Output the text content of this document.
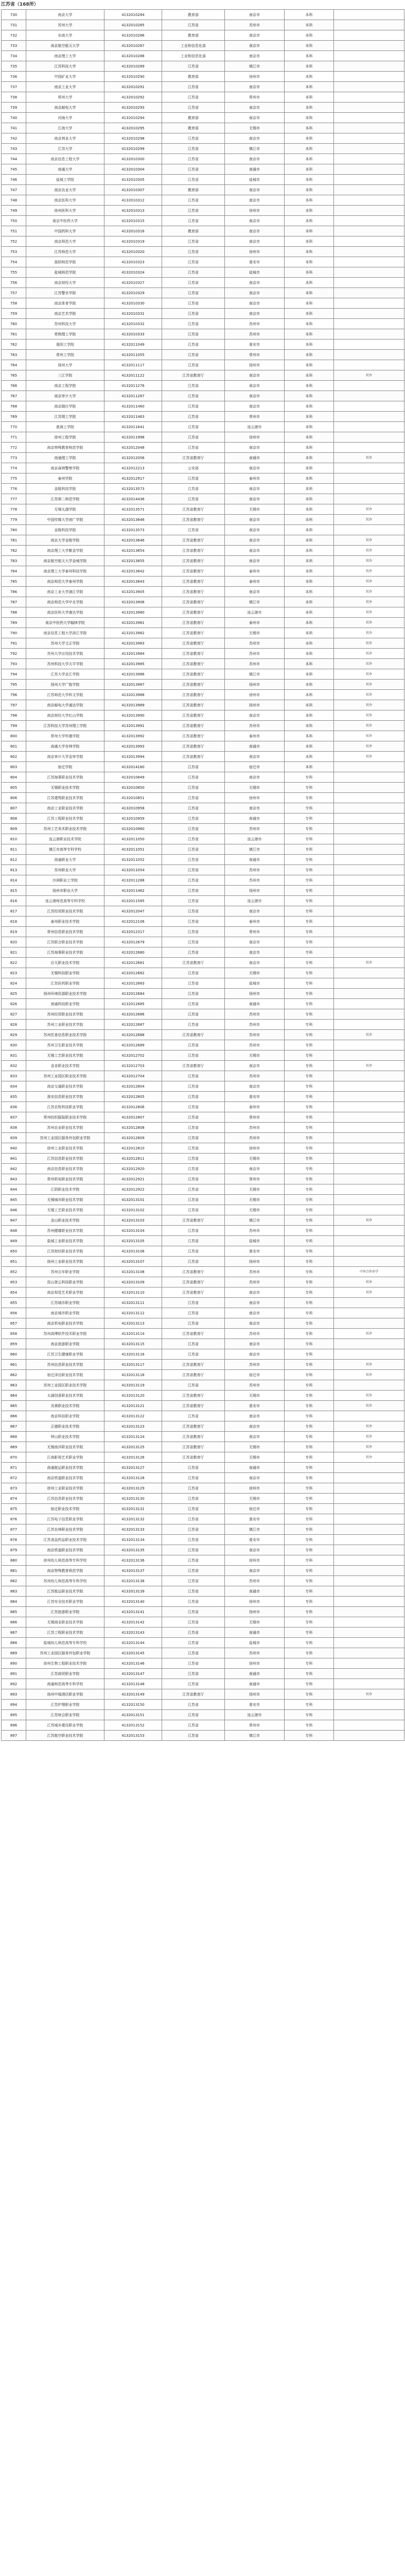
江苏省（168所）
730	南京大学	4132010284	教育部	南京市	本科	
731	苏州大学	4132010285	江苏省	苏州市	本科	
732	东南大学	4132010286	教育部	南京市	本科	
733	南京航空航天大学	4132010287	工业和信息化部	南京市	本科	
734	南京理工大学	4132010288	工业和信息化部	南京市	本科	
735	江苏科技大学	4132010289	江苏省	镇江市	本科	
736	中国矿业大学	4132010290	教育部	徐州市	本科	
737	南京工业大学	4132010291	江苏省	南京市	本科	
738	常州大学	4132010292	江苏省	常州市	本科	
739	南京邮电大学	4132010293	江苏省	南京市	本科	
740	河海大学	4132010294	教育部	南京市	本科	
741	江南大学	4132010295	教育部	无锡市	本科	
742	南京林业大学	4132010298	江苏省	南京市	本科	
743	江苏大学	4132010299	江苏省	镇江市	本科	
744	南京信息工程大学	4132010300	江苏省	南京市	本科	
745	南通大学	4132010304	江苏省	南通市	本科	
746	盐城工学院	4132010305	江苏省	盐城市	本科	
747	南京农业大学	4132010307	教育部	南京市	本科	
748	南京医科大学	4132010312	江苏省	南京市	本科	
749	徐州医科大学	4132010313	江苏省	徐州市	本科	
750	南京中医药大学	4132010315	江苏省	南京市	本科	
751	中国药科大学	4132010316	教育部	南京市	本科	
752	南京师范大学	4132010319	江苏省	南京市	本科	
753	江苏师范大学	4132010320	江苏省	徐州市	本科	
754	淮阴师范学院	4132010323	江苏省	淮安市	本科	
755	盐城师范学院	4132010324	江苏省	盐城市	本科	
756	南京财经大学	4132010327	江苏省	南京市	本科	
757	江苏警官学院	4132010329	江苏省	南京市	本科	
758	南京体育学院	4132010330	江苏省	南京市	本科	
759	南京艺术学院	4132010331	江苏省	南京市	本科	
760	苏州科技大学	4132010332	江苏省	苏州市	本科	
761	常熟理工学院	4132010333	江苏省	苏州市	本科	
762	淮阴工学院	4132011049	江苏省	淮安市	本科	
763	常州工学院	4132011055	江苏省	常州市	本科	
764	扬州大学	4132011117	江苏省	扬州市	本科	
765	三江学院	4132011122	江苏省教育厅	南京市	本科	民办
766	南京工程学院	4132011276	江苏省	南京市	本科	
767	南京审计大学	4132011287	江苏省	南京市	本科	
768	南京晓庄学院	4132011460	江苏省	南京市	本科	
769	江苏理工学院	4132011463	江苏省	常州市	本科	
770	淮海工学院	4132011641	江苏省	连云港市	本科	
771	徐州工程学院	4132011998	江苏省	徐州市	本科	
772	南京特殊教育师范学院	4132012048	江苏省	南京市	本科	
773	南通理工学院	4132012056	江苏省教育厅	南通市	本科	民办
774	南京森林警察学院	4132012213	公安部	南京市	本科	
775	泰州学院	4132012917	江苏省	泰州市	本科	
776	金陵科技学院	4132013573	江苏省	南京市	本科	
777	江苏第二师范学院	4132014436	江苏省	南京市	本科	
778	无锡太湖学院	4132013571	江苏省教育厅	无锡市	本科	民办
779	中国传媒大学南广学院	4132013646	江苏省教育厅	南京市	本科	民办
780	金陵科技学院	4132013573	江苏省	南京市	本科	
781	南京大学金陵学院	4132013646	江苏省教育厅	南京市	本科	民办
782	南京理工大学紫金学院	4132013654	江苏省教育厅	南京市	本科	民办
783	南京航空航天大学金城学院	4132013655	江苏省教育厅	南京市	本科	民办
784	南京理工大学泰州科技学院	4132013842	江苏省教育厅	泰州市	本科	民办
785	南京师范大学泰州学院	4132013843	江苏省教育厅	泰州市	本科	民办
786	南京工业大学浦江学院	4132013905	江苏省教育厅	南京市	本科	民办
787	南京师范大学中北学院	4132013906	江苏省教育厅	镇江市	本科	民办
788	南京医科大学康达学院	4132013980	江苏省教育厅	连云港市	本科	民办
789	南京中医药大学翰林学院	4132013981	江苏省教育厅	泰州市	本科	民办
790	南京信息工程大学滨江学院	4132013982	江苏省教育厅	无锡市	本科	民办
791	苏州大学文正学院	4132013983	江苏省教育厅	苏州市	本科	民办
792	苏州大学应用技术学院	4132013984	江苏省教育厅	苏州市	本科	民办
793	苏州科技大学天平学院	4132013985	江苏省教育厅	苏州市	本科	民办
794	江苏大学京江学院	4132013986	江苏省教育厅	镇江市	本科	民办
795	扬州大学广陵学院	4132013987	江苏省教育厅	扬州市	本科	民办
796	江苏师范大学科文学院	4132013988	江苏省教育厅	徐州市	本科	民办
797	南京邮电大学通达学院	4132013989	江苏省教育厅	扬州市	本科	民办
798	南京财经大学红山学院	4132013990	江苏省教育厅	南京市	本科	民办
799	江苏科技大学苏州理工学院	4132013991	江苏省教育厅	苏州市	本科	民办
800	常州大学怀德学院	4132013992	江苏省教育厅	泰州市	本科	民办
801	南通大学杏林学院	4132013993	江苏省教育厅	南通市	本科	民办
802	南京审计大学金审学院	4132013994	江苏省教育厅	南京市	本科	民办
803	宿迁学院	4132014160	江苏省	宿迁市	本科	
804	江苏海事职业技术学院	4132010849	江苏省	南京市	专科	
805	无锡职业技术学院	4132010850	江苏省	无锡市	专科	
806	江苏建筑职业技术学院	4132010851	江苏省	徐州市	专科	
807	南京工业职业技术学院	4132010958	江苏省	南京市	专科	
808	江苏工程职业技术学院	4132010959	江苏省	南通市	专科	
809	苏州工艺美术职业技术学院	4132010960	江苏省	苏州市	专科	
810	连云港职业技术学院	4132011050	江苏省	连云港市	专科	
811	镇江市高等专科学校	4132011051	江苏省	镇江市	专科	
812	南通职业大学	4132011052	江苏省	南通市	专科	
813	苏州职业大学	4132011054	江苏省	苏州市	专科	
814	沙洲职业工学院	4132011288	江苏省	苏州市	专科	
815	扬州市职业大学	4132011462	江苏省	扬州市	专科	
816	连云港师范高等专科学校	4132011585	江苏省	连云港市	专科	
817	江苏经贸职业技术学院	4132012047	江苏省	南京市	专科	
818	泰州职业技术学院	4132012106	江苏省	泰州市	专科	
819	常州信息职业技术学院	4132012317	江苏省	常州市	专科	
820	江苏联合职业技术学院	4132012679	江苏省	南京市	专科	
821	江苏海事职业技术学院	4132012680	江苏省	南京市	专科	
822	应天职业技术学院	4132012681	江苏省教育厅	南京市	专科	民办
823	无锡科技职业学院	4132012682	江苏省	无锡市	专科	
824	江苏医药职业学院	4132012683	江苏省	盐城市	专科	
825	扬州环境资源职业技术学院	4132012684	江苏省	扬州市	专科	
826	南通科技职业学院	4132012685	江苏省	南通市	专科	
827	苏州经贸职业技术学院	4132012686	江苏省	苏州市	专科	
828	苏州工业职业技术学院	4132012687	江苏省	苏州市	专科	
829	苏州托普信息职业技术学院	4132012688	江苏省教育厅	苏州市	专科	民办
830	苏州卫生职业技术学院	4132012689	江苏省	苏州市	专科	
831	无锡工艺职业技术学院	4132012702	江苏省	无锡市	专科	
832	金肯职业技术学院	4132012703	江苏省教育厅	南京市	专科	民办
833	苏州工业园区职业技术学院	4132012704	江苏省	苏州市	专科	
834	南京交通职业技术学院	4132012804	江苏省	南京市	专科	
835	淮安信息职业技术学院	4132012805	江苏省	淮安市	专科	
836	江苏农牧科技职业学院	4132012806	江苏省	泰州市	专科	
837	常州纺织服装职业技术学院	4132012807	江苏省	常州市	专科	
838	苏州农业职业技术学院	4132012808	江苏省	苏州市	专科	
839	苏州工业园区服务外包职业学院	4132012809	江苏省	苏州市	专科	
840	徐州工业职业技术学院	4132012810	江苏省	徐州市	专科	
841	江苏信息职业技术学院	4132012811	江苏省	无锡市	专科	
842	南京信息职业技术学院	4132012920	江苏省	南京市	专科	
843	常州机电职业技术学院	4132012921	江苏省	常州市	专科	
844	江阴职业技术学院	4132012922	江苏省	无锡市	专科	
845	无锡城市职业技术学院	4132013101	江苏省	无锡市	专科	
846	无锡工艺职业技术学院	4132013102	江苏省	无锡市	专科	
847	金山职业技术学院	4132013103	江苏省教育厅	镇江市	专科	民办
848	苏州健雄职业技术学院	4132013104	江苏省	苏州市	专科	
849	盐城工业职业技术学院	4132013105	江苏省	盐城市	专科	
850	江苏财经职业技术学院	4132013106	江苏省	淮安市	专科	
851	扬州工业职业技术学院	4132013107	江苏省	扬州市	专科	
852	苏州百年职业学院	4132013108	江苏省教育厅	苏州市	专科	中外合作办学
853	昆山登云科技职业学院	4132013109	江苏省教育厅	苏州市	专科	民办
854	南京视觉艺术职业学院	4132013110	江苏省教育厅	南京市	专科	民办
855	江苏城市职业学院	4132013111	江苏省	南京市	专科	
856	南京城市职业学院	4132013112	江苏省	南京市	专科	
857	南京机电职业技术学院	4132013113	江苏省	南京市	专科	
858	苏州高博软件技术职业学院	4132013114	江苏省教育厅	苏州市	专科	民办
859	南京旅游职业学院	4132013115	江苏省	南京市	专科	
860	江苏卫生健康职业学院	4132013116	江苏省	南京市	专科	
861	苏州信息职业技术学院	4132013117	江苏省教育厅	苏州市	专科	民办
862	宿迁泽达职业技术学院	4132013118	江苏省教育厅	宿迁市	专科	民办
863	苏州工业园区职业技术学院	4132013119	江苏省	苏州市	专科	
864	太湖创意职业技术学院	4132013120	江苏省教育厅	无锡市	专科	民办
865	炎黄职业技术学院	4132013121	江苏省教育厅	淮安市	专科	民办
866	南京科技职业学院	4132013122	江苏省	南京市	专科	
867	正德职业技术学院	4132013123	江苏省教育厅	南京市	专科	民办
868	钟山职业技术学院	4132013124	江苏省教育厅	南京市	专科	民办
869	无锡南洋职业技术学院	4132013125	江苏省教育厅	无锡市	专科	民办
870	江南影视艺术职业学院	4132013126	江苏省教育厅	无锡市	专科	民办
871	南通航运职业技术学院	4132013127	江苏省	南通市	专科	
872	南京铁道职业技术学院	4132013128	江苏省	南京市	专科	
873	徐州工业职业技术学院	4132013129	江苏省	徐州市	专科	
874	江苏信息职业技术学院	4132013130	江苏省	无锡市	专科	
875	宿迁职业技术学院	4132013131	江苏省	宿迁市	专科	
876	江苏电子信息职业学院	4132013132	江苏省	淮安市	专科	
877	江苏农林职业技术学院	4132013133	江苏省	镇江市	专科	
878	江苏食品药品职业技术学院	4132013134	江苏省	淮安市	专科	
879	南京铁道职业技术学院	4132013135	江苏省	南京市	专科	
880	徐州幼儿师范高等专科学校	4132013136	江苏省	徐州市	专科	
881	南京特殊教育师范学院	4132013137	江苏省	南京市	专科	
882	苏州幼儿师范高等专科学校	4132013138	江苏省	苏州市	专科	
883	江苏航运职业技术学院	4132013139	江苏省	南通市	专科	
884	江苏安全技术职业学院	4132013140	江苏省	徐州市	专科	
885	江苏旅游职业学院	4132013141	江苏省	扬州市	专科	
886	无锡商业职业技术学院	4132013142	江苏省	无锡市	专科	
887	江苏工程职业技术学院	4132013143	江苏省	南通市	专科	
888	盐城幼儿师范高等专科学校	4132013144	江苏省	盐城市	专科	
889	苏州工业园区服务外包职业学院	4132013145	江苏省	苏州市	专科	
890	徐州生物工程职业技术学院	4132013146	江苏省	徐州市	专科	
891	江苏商贸职业学院	4132013147	江苏省	南通市	专科	
892	南通师范高等专科学校	4132013148	江苏省	南通市	专科	
893	扬州中瑞酒店职业学院	4132013149	江苏省教育厅	扬州市	专科	民办
894	江苏护理职业学院	4132013150	江苏省	淮安市	专科	
895	江苏财会职业学院	4132013151	江苏省	连云港市	专科	
896	江苏城乡建设职业学院	4132013152	江苏省	常州市	专科	
897	江苏航空职业技术学院	4132013153	江苏省	镇江市	专科	
